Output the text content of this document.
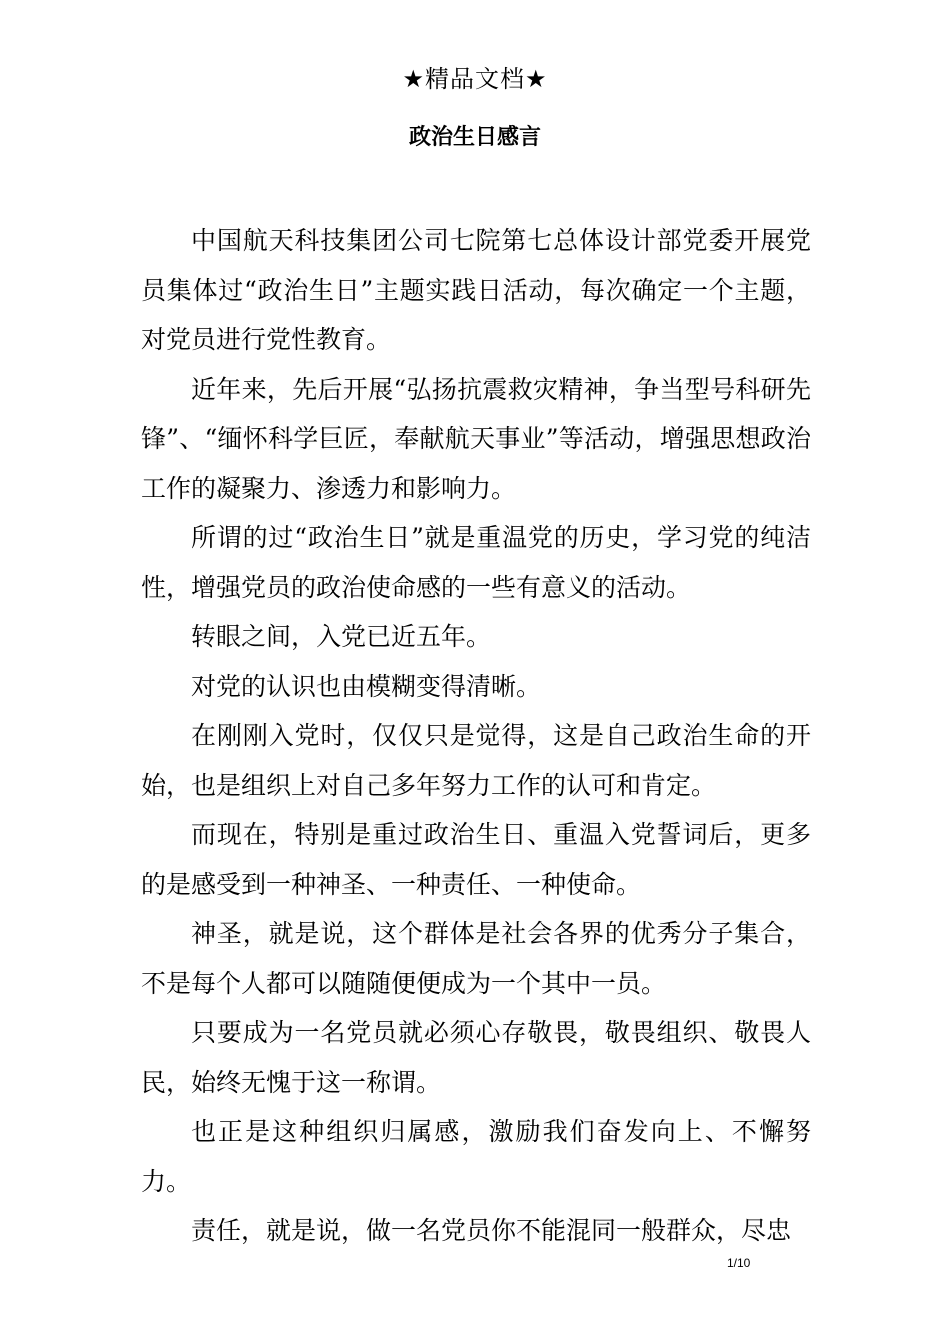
★精品文档★
政治生日感言

中国航天科技集团公司七院第七总体设计部党委开展党员集体过“政治生日”主题实践日活动，每次确定一个主题，对党员进行党性教育。

近年来，先后开展“弘扬抗震救灾精神，争当型号科研先锋”、“缅怀科学巨匠，奉献航天事业”等活动，增强思想政治工作的凝聚力、渗透力和影响力。

所谓的过“政治生日”就是重温党的历史，学习党的纯洁性，增强党员的政治使命感的一些有意义的活动。

转眼之间，入党已近五年。

对党的认识也由模糊变得清晰。

在刚刚入党时，仅仅只是觉得，这是自己政治生命的开始，也是组织上对自己多年努力工作的认可和肯定。

而现在，特别是重过政治生日、重温入党誓词后，更多的是感受到一种神圣、一种责任、一种使命。

神圣，就是说，这个群体是社会各界的优秀分子集合，不是每个人都可以随随便便成为一个其中一员。

只要成为一名党员就必须心存敬畏，敬畏组织、敬畏人民，始终无愧于这一称谓。

也正是这种组织归属感，激励我们奋发向上、不懈努力。

责任，就是说，做一名党员你不能混同一般群众，尽忠

1/10
